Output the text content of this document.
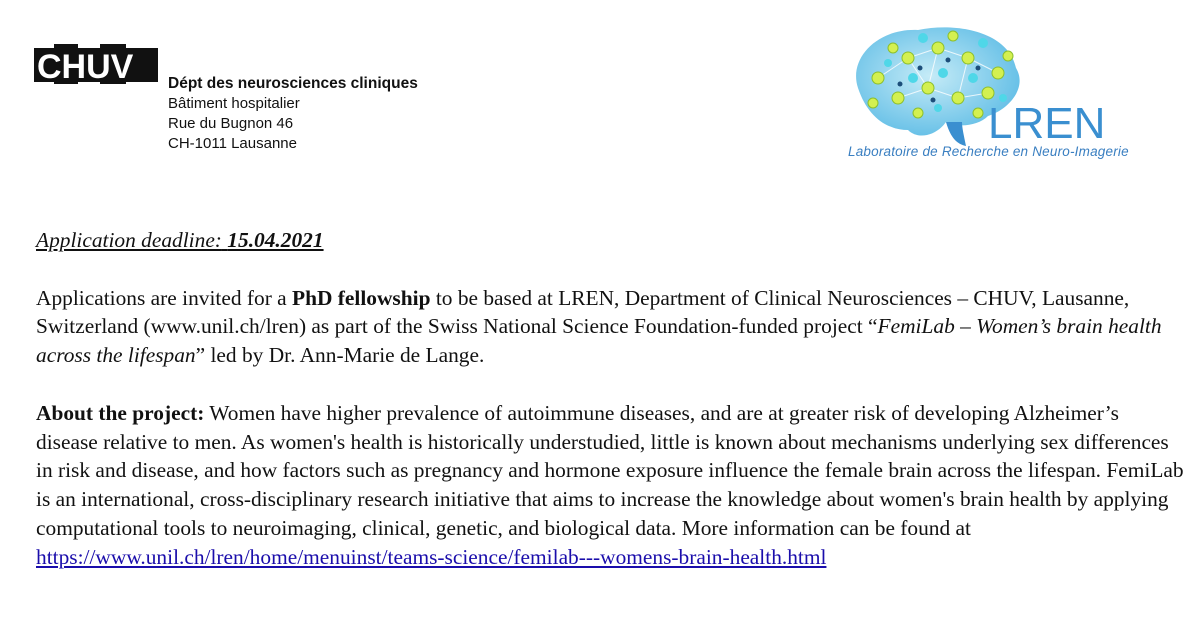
CHUV Dépt des neurosciences cliniques
Bâtiment hospitalier
Rue du Bugnon 46
CH-1011 Lausanne	LREN
Laboratoire de Recherche en Neuro-Imagerie

Application deadline: 15.04.2021

Applications are invited for a PhD fellowship to be based at LREN, Department of Clinical Neurosciences – CHUV, Lausanne, Switzerland (www.unil.ch/lren) as part of the Swiss National Science Foundation-funded project “FemiLab – Women’s brain health across the lifespan” led by Dr. Ann-Marie de Lange.

About the project: Women have higher prevalence of autoimmune diseases, and are at greater risk of developing Alzheimer’s disease relative to men. As women's health is historically understudied, little is known about mechanisms underlying sex differences in risk and disease, and how factors such as pregnancy and hormone exposure influence the female brain across the lifespan. FemiLab is an international, cross-disciplinary research initiative that aims to increase the knowledge about women's brain health by applying computational tools to neuroimaging, clinical, genetic, and biological data. More information can be found at https://www.unil.ch/lren/home/menuinst/teams-science/femilab---womens-brain-health.html
